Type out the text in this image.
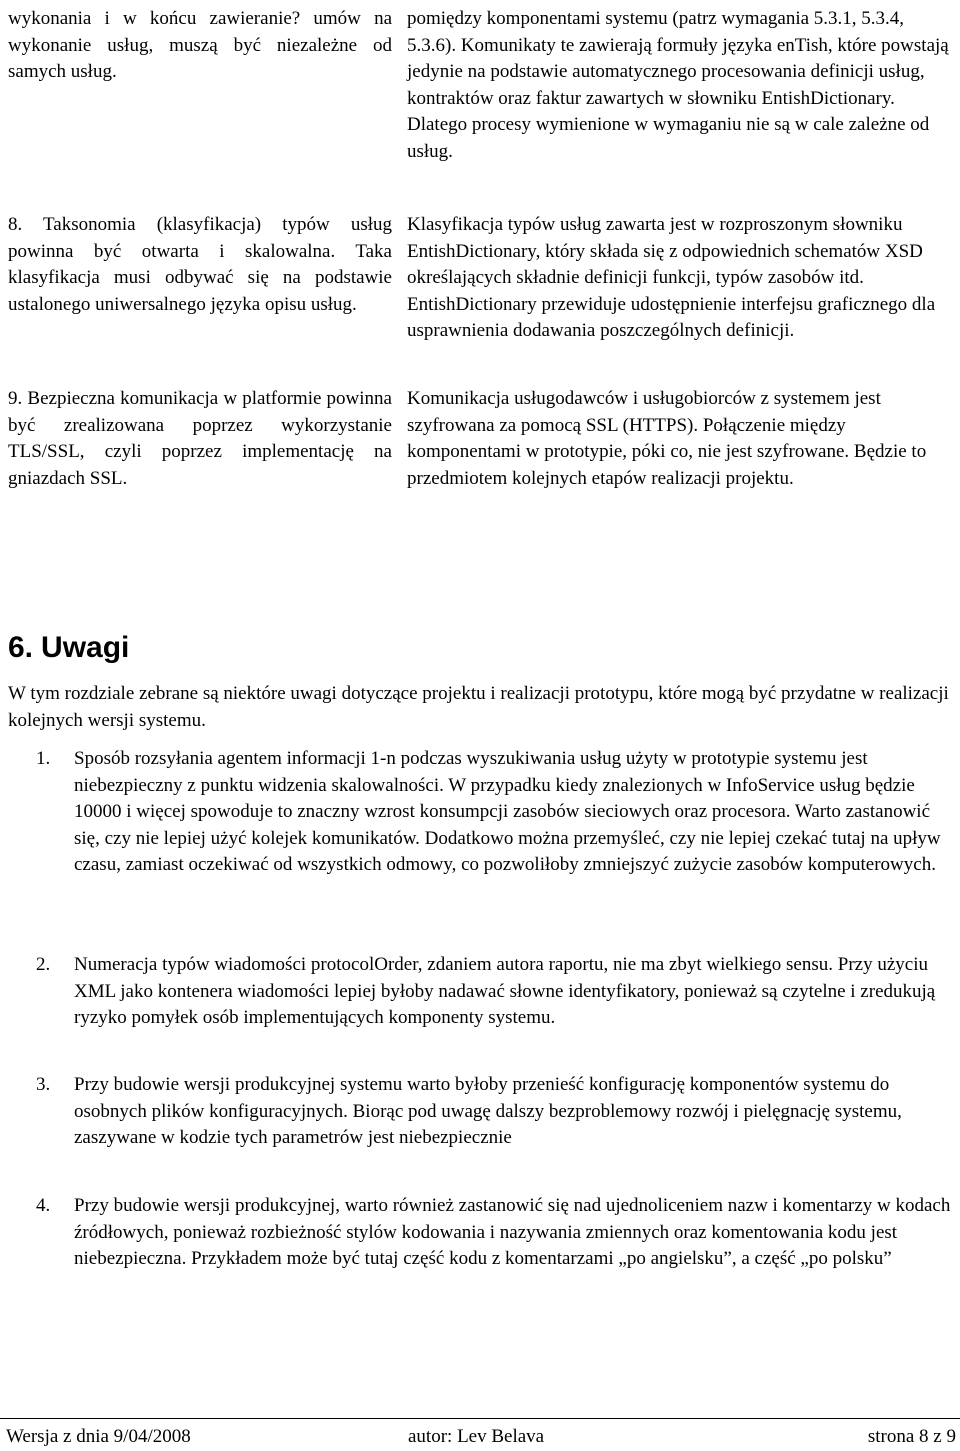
wykonania i w końcu zawieranie? umów na wykonanie usług, muszą być niezależne od samych usług.

pomiędzy komponentami systemu (patrz wymagania 5.3.1, 5.3.4, 5.3.6). Komunikaty te zawierają formuły języka enTish, które powstają jedynie na podstawie automatycznego procesowania definicji usług, kontraktów oraz faktur zawartych w słowniku EntishDictionary. Dlatego procesy wymienione w wymaganiu nie są w cale zależne od usług.

8. Taksonomia (klasyfikacja) typów usług powinna być otwarta i skalowalna. Taka klasyfikacja musi odbywać się na podstawie ustalonego uniwersalnego języka opisu usług.

Klasyfikacja typów usług zawarta jest w rozproszonym słowniku EntishDictionary, który składa się z odpowiednich schematów XSD określających składnie definicji funkcji, typów zasobów itd. EntishDictionary przewiduje udostępnienie interfejsu graficznego dla usprawnienia dodawania poszczególnych definicji.

9. Bezpieczna komunikacja w platformie powinna być zrealizowana poprzez wykorzystanie TLS/SSL, czyli poprzez implementację na gniazdach SSL.

Komunikacja usługodawców i usługobiorców z systemem jest szyfrowana za pomocą SSL (HTTPS). Połączenie między komponentami w prototypie, póki co, nie jest szyfrowane. Będzie to przedmiotem kolejnych etapów realizacji projektu.

6. Uwagi

W tym rozdziale zebrane są niektóre uwagi dotyczące projektu i realizacji prototypu, które mogą być przydatne w realizacji kolejnych wersji systemu.

1. Sposób rozsyłania agentem informacji 1-n podczas wyszukiwania usług użyty w prototypie systemu jest niebezpieczny z punktu widzenia skalowalności. W przypadku kiedy znalezionych w InfoService usług będzie 10000 i więcej spowoduje to znaczny wzrost konsumpcji zasobów sieciowych oraz procesora. Warto zastanowić się, czy nie lepiej użyć kolejek komunikatów. Dodatkowo można przemyśleć, czy nie lepiej czekać tutaj na upływ czasu, zamiast oczekiwać od wszystkich odmowy, co pozwoliłoby zmniejszyć zużycie zasobów komputerowych.

2. Numeracja typów wiadomości protocolOrder, zdaniem autora raportu, nie ma zbyt wielkiego sensu. Przy użyciu XML jako kontenera wiadomości lepiej byłoby nadawać słowne identyfikatory, ponieważ są czytelne i zredukują ryzyko pomyłek osób implementujących komponenty systemu.

3. Przy budowie wersji produkcyjnej systemu warto byłoby przenieść konfigurację komponentów systemu do osobnych plików konfiguracyjnych. Biorąc pod uwagę dalszy bezproblemowy rozwój i pielęgnację systemu, zaszywane w kodzie tych parametrów jest niebezpiecznie

4. Przy budowie wersji produkcyjnej, warto również zastanowić się nad ujednoliceniem nazw i komentarzy w kodach źródłowych, ponieważ rozbieżność stylów kodowania i nazywania zmiennych oraz komentowania kodu jest niebezpieczna. Przykładem może być tutaj część kodu z komentarzami „po angielsku”, a część „po polsku”

Wersja z dnia 9/04/2008	autor: Lev Belava	strona 8 z 9
